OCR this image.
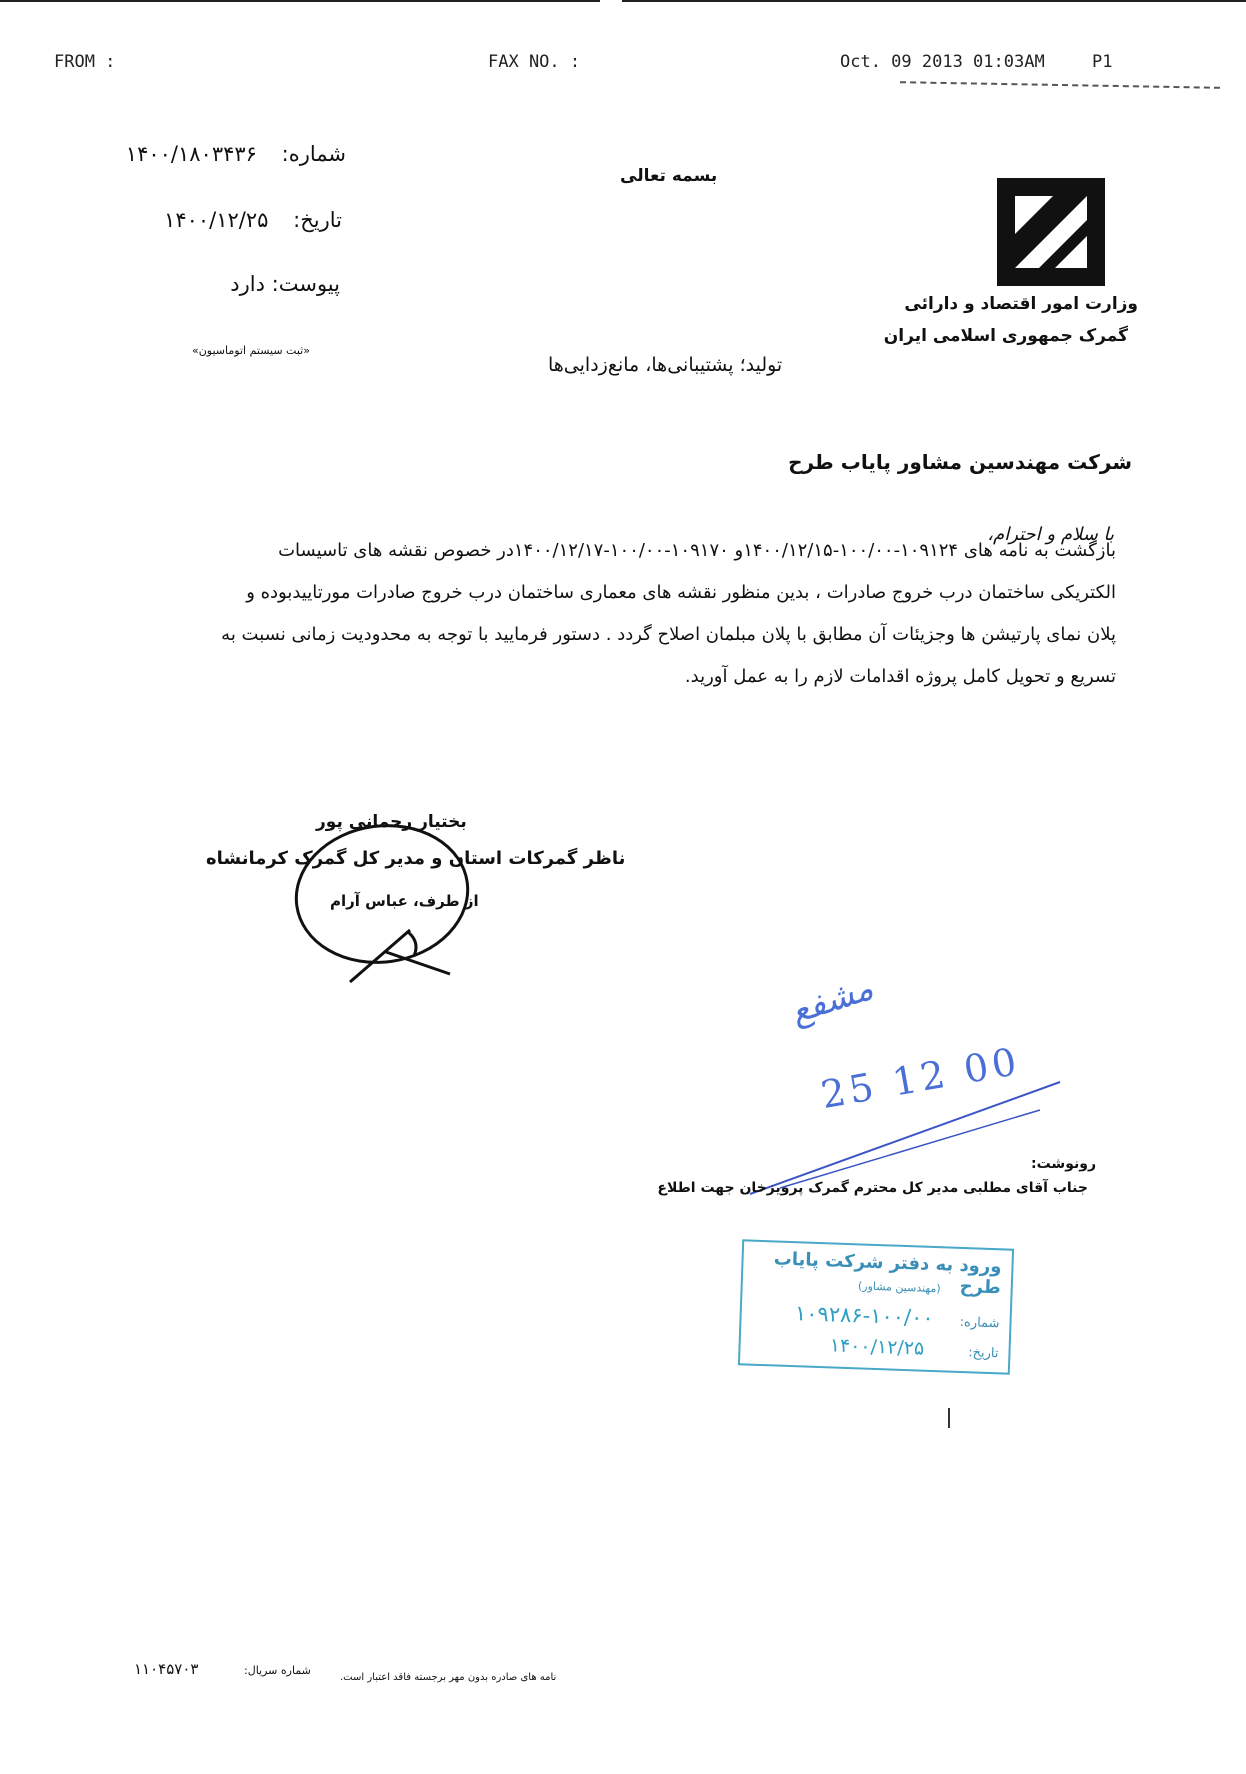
FROM :	FAX NO. :	Oct. 09 2013 01:03AM	P1
وزارت امور اقتصاد و دارائی
گمرک جمهوری اسلامی ایران
بسمه تعالی
تولید؛ پشتیبانی‌ها، مانع‌زدایی‌ها
شماره: ۱۴۰۰/۱۸۰۳۴۳۶
تاریخ: ۱۴۰۰/۱۲/۲۵
پیوست: دارد
«ثبت سیستم اتوماسیون»
شرکت مهندسین مشاور پایاب طرح
با سلام و احترام،

بازگشت به نامه های ۱۰۹۱۲۴-۱۰۰/۰۰-۱۴۰۰/۱۲/۱۵و ۱۰۹۱۷۰-۱۰۰/۰۰-۱۴۰۰/۱۲/۱۷در خصوص نقشه های تاسیسات

الکتریکی ساختمان درب خروج صادرات ، بدین منظور نقشه های معماری ساختمان درب خروج صادرات مورتاییدبوده و

پلان نمای پارتیشن ها وجزیئات آن مطابق با پلان مبلمان اصلاح گردد . دستور فرمایید با توجه به محدودیت زمانی نسبت به

تسریع و تحویل کامل پروژه اقدامات لازم را به عمل آورید.

بختیار رحمانی پور
ناظر گمرکات استان و مدیر کل گمرک کرمانشاه
از طرف، عباس آرام
مشفع
25 12 00
رونوشت:
جناب آقای مطلبی مدیر کل محترم گمرک پرویزخان جهت اطلاع
ورود به دفتر شرکت پایاب طرح
(مهندسین مشاور)
شماره: ۱۰۰/۰۰-۱۰۹۲۸۶
تاریخ: ۱۴۰۰/۱۲/۲۵
نامه های صادره بدون مهر برجسته فاقد اعتبار است.
شماره سریال:
۱۱۰۴۵۷۰۳
